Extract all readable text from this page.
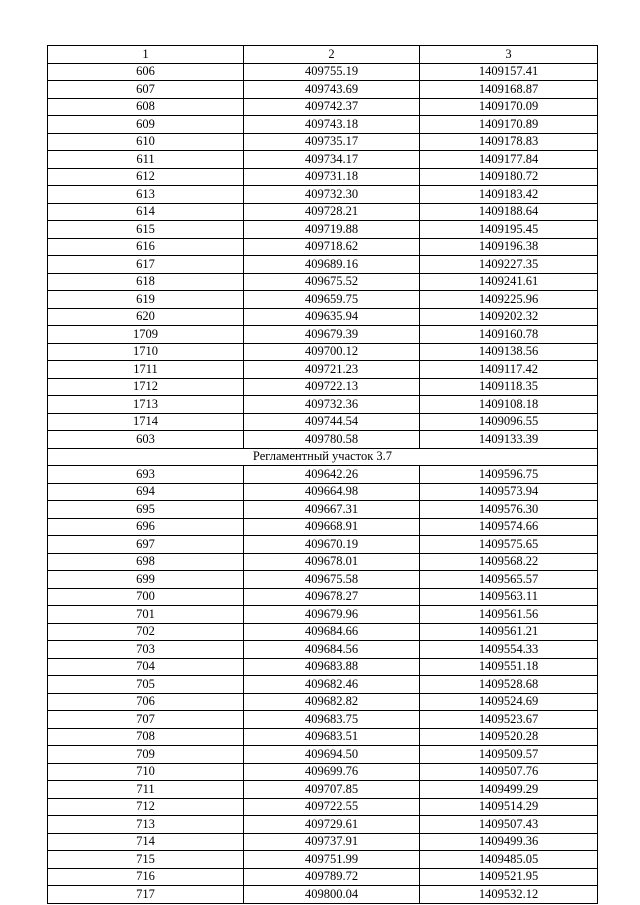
1	2	3
606	409755.19	1409157.41
607	409743.69	1409168.87
608	409742.37	1409170.09
609	409743.18	1409170.89
610	409735.17	1409178.83
611	409734.17	1409177.84
612	409731.18	1409180.72
613	409732.30	1409183.42
614	409728.21	1409188.64
615	409719.88	1409195.45
616	409718.62	1409196.38
617	409689.16	1409227.35
618	409675.52	1409241.61
619	409659.75	1409225.96
620	409635.94	1409202.32
1709	409679.39	1409160.78
1710	409700.12	1409138.56
1711	409721.23	1409117.42
1712	409722.13	1409118.35
1713	409732.36	1409108.18
1714	409744.54	1409096.55
603	409780.58	1409133.39
Регламентный участок 3.7		
693	409642.26	1409596.75
694	409664.98	1409573.94
695	409667.31	1409576.30
696	409668.91	1409574.66
697	409670.19	1409575.65
698	409678.01	1409568.22
699	409675.58	1409565.57
700	409678.27	1409563.11
701	409679.96	1409561.56
702	409684.66	1409561.21
703	409684.56	1409554.33
704	409683.88	1409551.18
705	409682.46	1409528.68
706	409682.82	1409524.69
707	409683.75	1409523.67
708	409683.51	1409520.28
709	409694.50	1409509.57
710	409699.76	1409507.76
711	409707.85	1409499.29
712	409722.55	1409514.29
713	409729.61	1409507.43
714	409737.91	1409499.36
715	409751.99	1409485.05
716	409789.72	1409521.95
717	409800.04	1409532.12
